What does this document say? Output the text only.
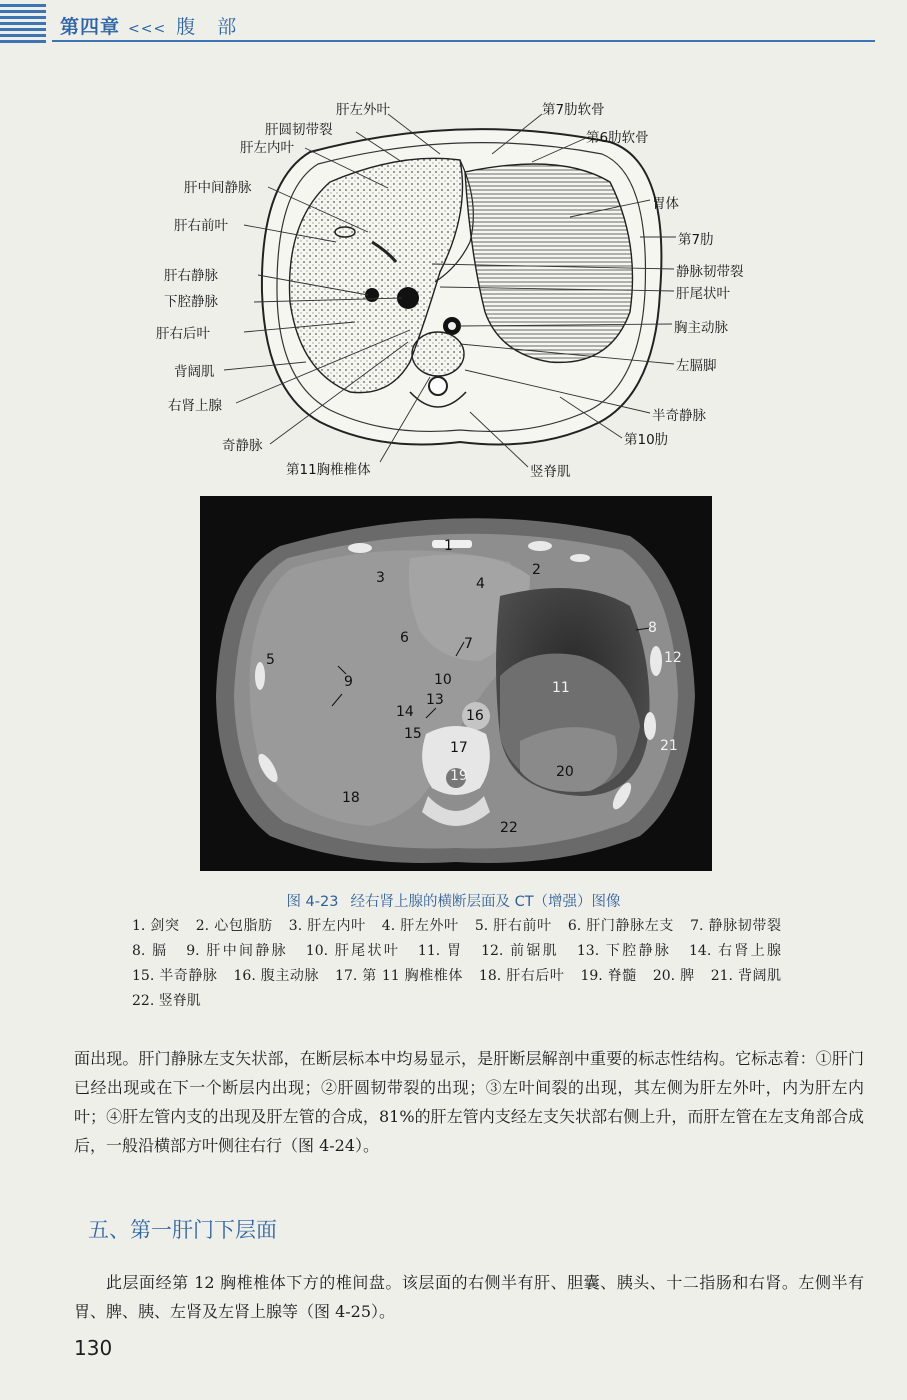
第四章 <<< 腹部
肝左外叶
肝圆韧带裂
肝左内叶
肝中间静脉
肝右前叶
肝右静脉
下腔静脉
肝右后叶
背阔肌
右肾上腺
奇静脉
第11胸椎椎体	竖脊肌
第7肋软骨
第6肋软骨
胃体
第7肋
静脉韧带裂
肝尾状叶
胸主动脉
左膈脚
半奇静脉
第10肋
1
2
3	4
5
6	7
8
9	10	11
12
13
14
15
16
17
18
19	20
21
22
图 4-23 经右肾上腺的横断层面及 CT（增强）图像
1. 剑突 2. 心包脂肪 3. 肝左内叶 4. 肝左外叶 5. 肝右前叶 6. 肝门静脉左支 7. 静脉韧带裂 8. 膈 9. 肝中间静脉 10. 肝尾状叶 11. 胃 12. 前锯肌 13. 下腔静脉 14. 右肾上腺 15. 半奇静脉 16. 腹主动脉 17. 第 11 胸椎椎体 18. 肝右后叶 19. 脊髓 20. 脾 21. 背阔肌 22. 竖脊肌
面出现。肝门静脉左支矢状部，在断层标本中均易显示，是肝断层解剖中重要的标志性结构。它标志着：①肝门已经出现或在下一个断层内出现；②肝圆韧带裂的出现；③左叶间裂的出现，其左侧为肝左外叶，内为肝左内叶；④肝左管内支的出现及肝左管的合成，81%的肝左管内支经左支矢状部右侧上升，而肝左管在左支角部合成后，一般沿横部方叶侧往右行（图 4-24）。
五、第一肝门下层面
此层面经第 12 胸椎椎体下方的椎间盘。该层面的右侧半有肝、胆囊、胰头、十二指肠和右肾。左侧半有胃、脾、胰、左肾及左肾上腺等（图 4-25）。
130
